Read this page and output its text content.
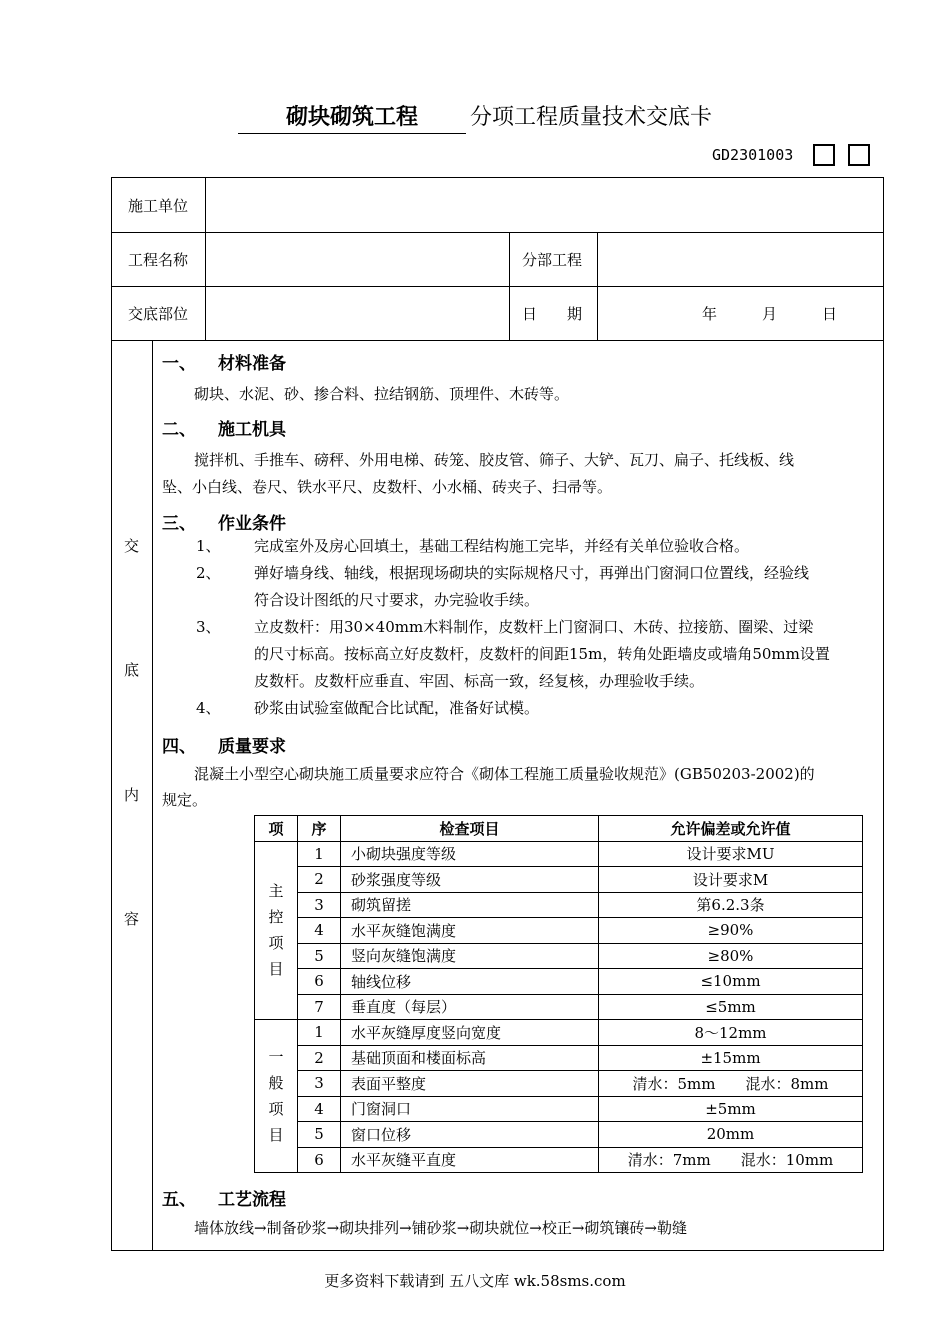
砌块砌筑工程 分项工程质量技术交底卡
GD2301003
施工单位
工程名称	分部工程
交底部位	日　　期	年　　　月　　　日
交
底
内
容
一、 材料准备
砌块、水泥、砂、掺合料、拉结钢筋、顶埋件、木砖等。
二、 施工机具
搅拌机、手推车、磅秤、外用电梯、砖笼、胶皮管、筛子、大铲、瓦刀、扁子、托线板、线
坠、小白线、卷尺、铁水平尺、皮数杆、小水桶、砖夹子、扫帚等。
三、 作业条件
1、 完成室外及房心回填土，基础工程结构施工完毕，并经有关单位验收合格。
2、 弹好墙身线、轴线，根据现场砌块的实际规格尺寸，再弹出门窗洞口位置线，经验线
符合设计图纸的尺寸要求，办完验收手续。
3、 立皮数杆：用30×40mm木料制作，皮数杆上门窗洞口、木砖、拉接筋、圈梁、过梁
的尺寸标高。按标高立好皮数杆，皮数杆的间距15m，转角处距墙皮或墙角50mm设置
皮数杆。皮数杆应垂直、牢固、标高一致，经复核，办理验收手续。
4、 砂浆由试验室做配合比试配，准备好试模。
四、 质量要求
混凝土小型空心砌块施工质量要求应符合《砌体工程施工质量验收规范》(GB50203-2002)的
规定。
项	序	检查项目	允许偏差或允许值
主
控
项
目	1	小砌块强度等级	设计要求MU
	2	砂浆强度等级	设计要求M
	3	砌筑留搓	第6.2.3条
	4	水平灰缝饱满度	≥90%
	5	竖向灰缝饱满度	≥80%
	6	轴线位移	≤10mm
	7	垂直度（每层）	≤5mm
一
般
项
目	1	水平灰缝厚度竖向宽度	8～12mm
	2	基础顶面和楼面标高	±15mm
	3	表面平整度	清水：5mm　　混水：8mm
	4	门窗洞口	±5mm
	5	窗口位移	20mm
	6	水平灰缝平直度	清水：7mm　　混水：10mm
五、 工艺流程
墙体放线→制备砂浆→砌块排列→铺砂浆→砌块就位→校正→砌筑镶砖→勒缝
更多资料下载请到 五八文库 wk.58sms.com
